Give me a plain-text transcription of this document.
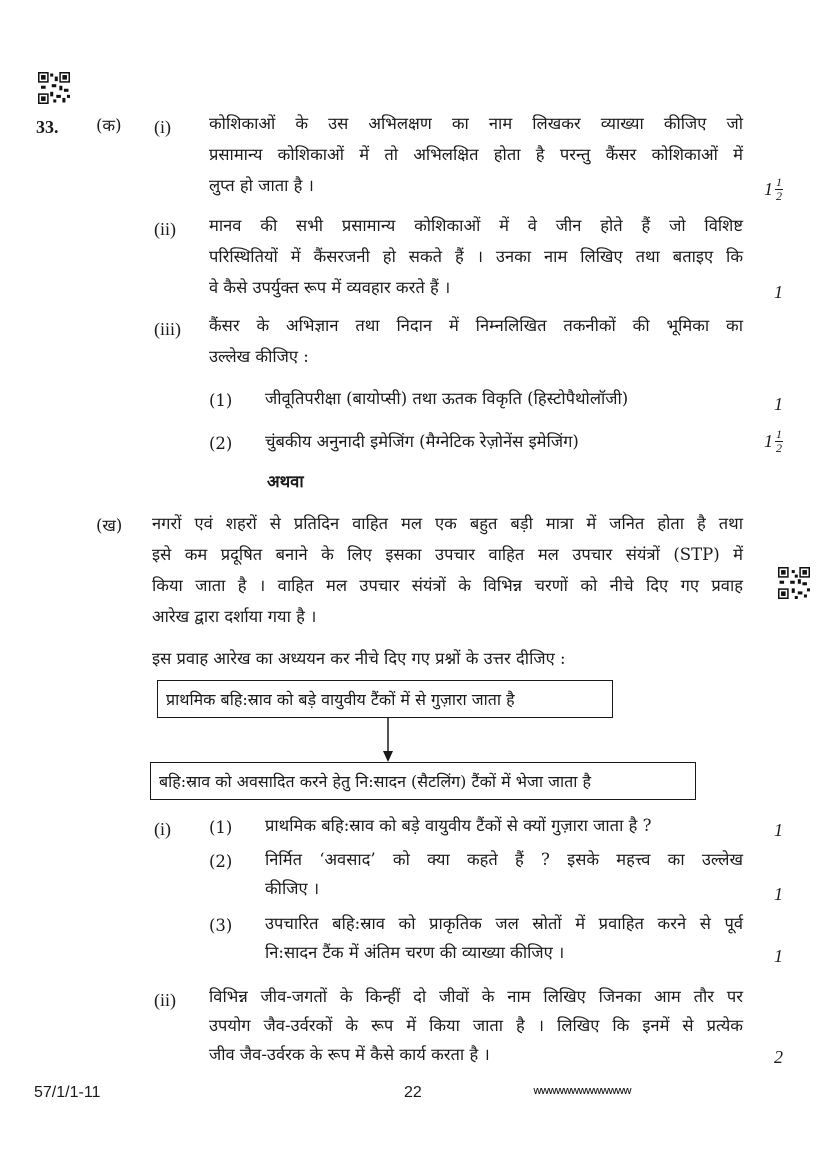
33. (क) (i) कोशिकाओं के उस अभिलक्षण का नाम लिखकर व्याख्या कीजिए जो
प्रसामान्य कोशिकाओं में तो अभिलक्षित होता है परन्तु कैंसर कोशिकाओं में
लुप्त हो जाता है ।	1 1
2
(ii) मानव की सभी प्रसामान्य कोशिकाओं में वे जीन होते हैं जो विशिष्ट
परिस्थितियों में कैंसरजनी हो सकते हैं । उनका नाम लिखिए तथा बताइए कि
वे कैसे उपर्युक्त रूप में व्यवहार करते हैं ।	1
(iii) कैंसर के अभिज्ञान तथा निदान में निम्नलिखित तकनीकों की भूमिका का
उल्लेख कीजिए :
(1) जीवूतिपरीक्षा (बायोप्सी) तथा ऊतक विकृति (हिस्टोपैथोलॉजी)	1
(2) चुंबकीय अनुनादी इमेजिंग (मैग्नेटिक रेज़ोनेंस इमेजिंग)	1 1
2
अथवा
(ख) नगरों एवं शहरों से प्रतिदिन वाहित मल एक बहुत बड़ी मात्रा में जनित होता है तथा
इसे कम प्रदूषित बनाने के लिए इसका उपचार वाहित मल उपचार संयंत्रों (STP) में
किया जाता है । वाहित मल उपचार संयंत्रों के विभिन्न चरणों को नीचे दिए गए प्रवाह
आरेख द्वारा दर्शाया गया है ।
इस प्रवाह आरेख का अध्ययन कर नीचे दिए गए प्रश्नों के उत्तर दीजिए :
प्राथमिक बहि:स्राव को बड़े वायुवीय टैंकों में से गुज़ारा जाता है
बहि:स्राव को अवसादित करने हेतु नि:सादन (सैटलिंग) टैंकों में भेजा जाता है
(i) (1) प्राथमिक बहि:स्राव को बड़े वायुवीय टैंकों से क्यों गुज़ारा जाता है ?	1
(2) निर्मित ‘अवसाद’ को क्या कहते हैं ? इसके महत्त्व का उल्लेख
कीजिए ।	1
(3) उपचारित बहि:स्राव को प्राकृतिक जल स्रोतों में प्रवाहित करने से पूर्व
नि:सादन टैंक में अंतिम चरण की व्याख्या कीजिए ।	1
(ii) विभिन्न जीव-जगतों के किन्हीं दो जीवों के नाम लिखिए जिनका आम तौर पर
उपयोग जैव-उर्वरकों के रूप में किया जाता है । लिखिए कि इनमें से प्रत्येक
जीव जैव-उर्वरक के रूप में कैसे कार्य करता है ।	2
57/1/1-11	22	wwwwwwwwwwwww
